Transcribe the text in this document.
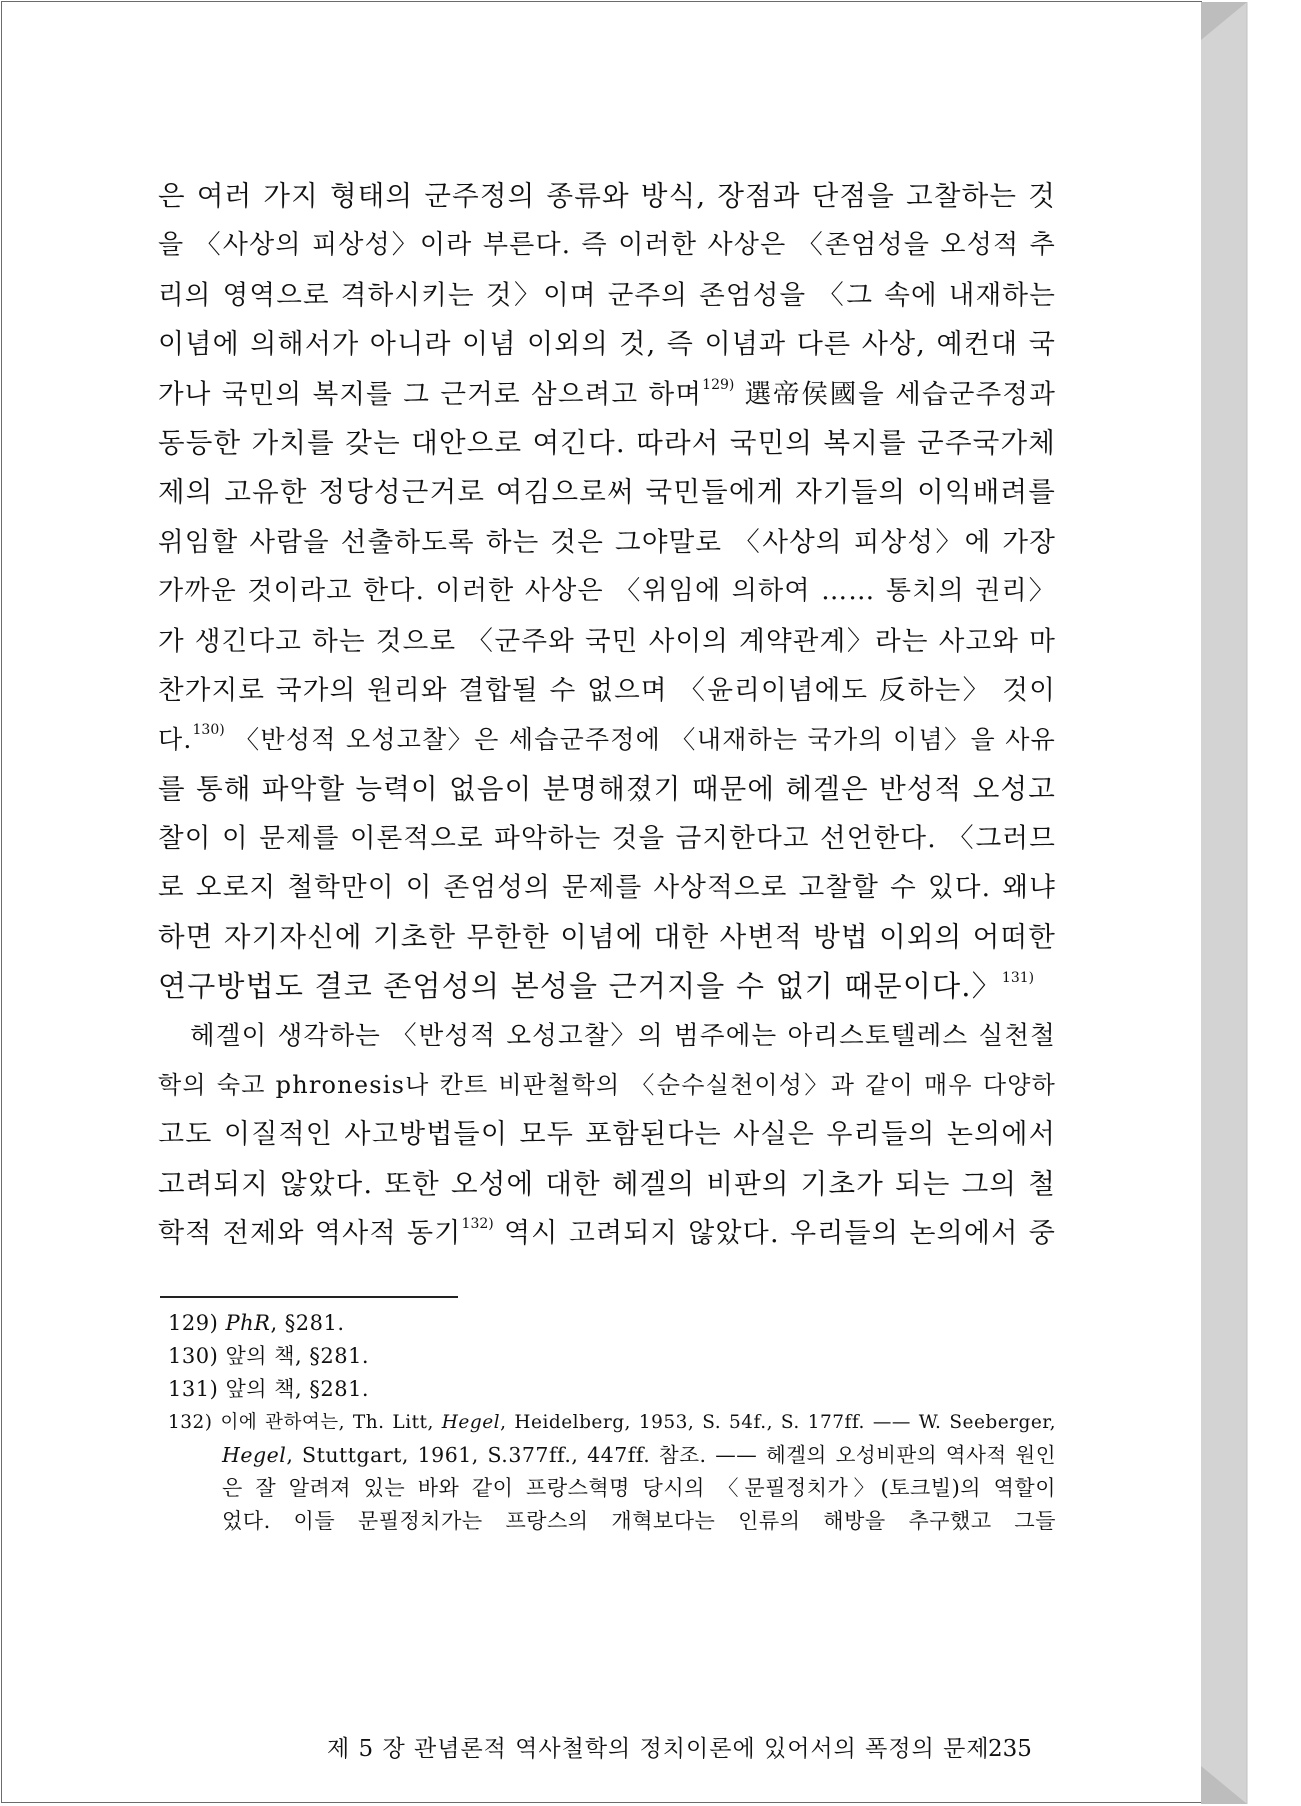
은 여러 가지 형태의 군주정의 종류와 방식, 장점과 단점을 고찰하는 것
을 〈사상의 피상성〉이라 부른다. 즉 이러한 사상은 〈존엄성을 오성적 추
리의 영역으로 격하시키는 것〉이며 군주의 존엄성을 〈그 속에 내재하는
이념에 의해서가 아니라 이념 이외의 것, 즉 이념과 다른 사상, 예컨대 국
가나 국민의 복지를 그 근거로 삼으려고 하며$^{129)}$ 選帝侯國을 세습군주정과
동등한 가치를 갖는 대안으로 여긴다. 따라서 국민의 복지를 군주국가체
제의 고유한 정당성근거로 여김으로써 국민들에게 자기들의 이익배려를
위임할 사람을 선출하도록 하는 것은 그야말로 〈사상의 피상성〉에 가장
가까운 것이라고 한다. 이러한 사상은 〈위임에 의하여 …… 통치의 권리〉
가 생긴다고 하는 것으로 〈군주와 국민 사이의 계약관계〉라는 사고와 마
찬가지로 국가의 원리와 결합될 수 없으며 〈윤리이념에도 反하는〉 것이
다.$^{130)}$ 〈반성적 오성고찰〉은 세습군주정에 〈내재하는 국가의 이념〉을 사유
를 통해 파악할 능력이 없음이 분명해졌기 때문에 헤겔은 반성적 오성고
찰이 이 문제를 이론적으로 파악하는 것을 금지한다고 선언한다. 〈그러므
로 오로지 철학만이 이 존엄성의 문제를 사상적으로 고찰할 수 있다. 왜냐
하면 자기자신에 기초한 무한한 이념에 대한 사변적 방법 이외의 어떠한
연구방법도 결코 존엄성의 본성을 근거지을 수 없기 때문이다.〉$^{131)}$
헤겔이 생각하는 〈반성적 오성고찰〉의 범주에는 아리스토텔레스 실천철
학의 숙고 phronesis나 칸트 비판철학의 〈순수실천이성〉과 같이 매우 다양하
고도 이질적인 사고방법들이 모두 포함된다는 사실은 우리들의 논의에서
고려되지 않았다. 또한 오성에 대한 헤겔의 비판의 기초가 되는 그의 철
학적 전제와 역사적 동기$^{132)}$ 역시 고려되지 않았다. 우리들의 논의에서 중
129) PhR, §281.
130) 앞의 책, §281.
131) 앞의 책, §281.
132) 이에 관하여는, Th. Litt, Hegel, Heidelberg, 1953, S. 54f., S. 177ff. —— W. Seeberger,
Hegel, Stuttgart, 1961, S.377ff., 447ff. 참조. —— 헤겔의 오성비판의 역사적 원인
은 잘 알려져 있는 바와 같이 프랑스혁명 당시의 〈문필정치가〉(토크빌)의 역할이
었다. 이들 문필정치가는 프랑스의 개혁보다는 인류의 해방을 추구했고 그들
제 5 장 관념론적 역사철학의 정치이론에 있어서의 폭정의 문제
235
